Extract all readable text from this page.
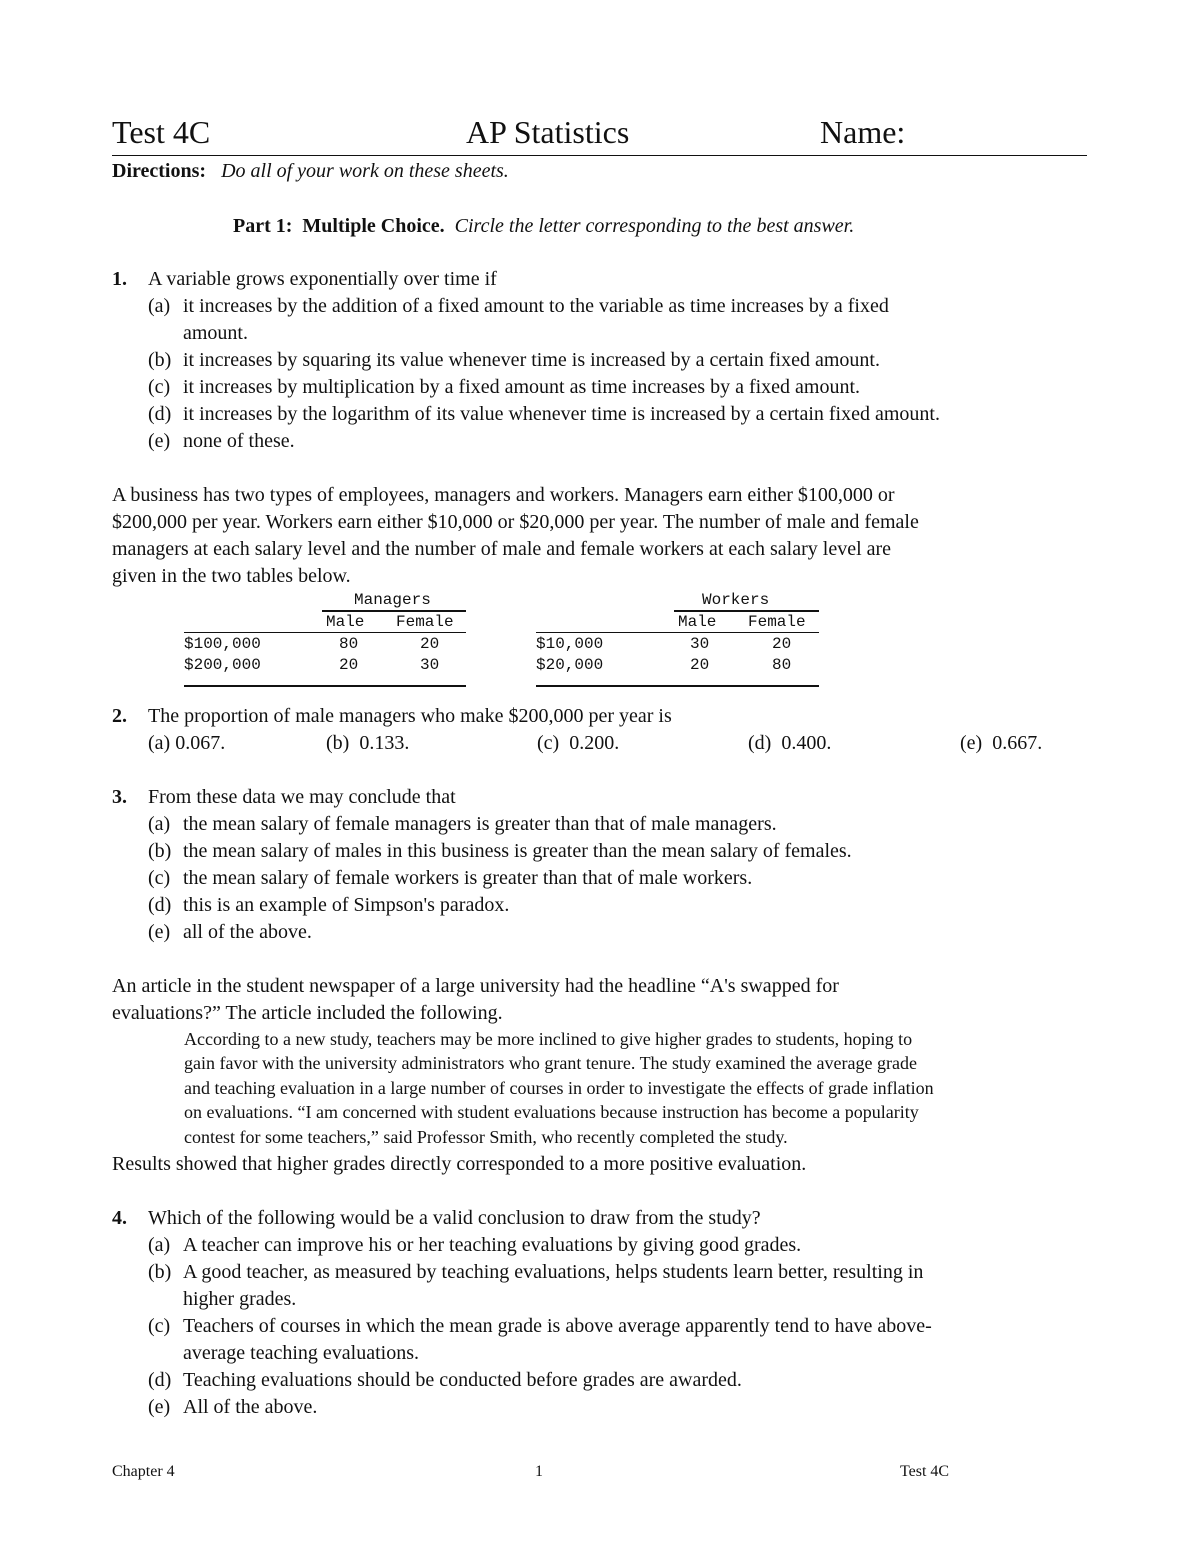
Test 4C	AP Statistics	Name:
Directions: Do all of your work on these sheets.
Part 1: Multiple Choice. Circle the letter corresponding to the best answer.
1. A variable grows exponentially over time if
(a) it increases by the addition of a fixed amount to the variable as time increases by a fixed
amount.
(b) it increases by squaring its value whenever time is increased by a certain fixed amount.
(c) it increases by multiplication by a fixed amount as time increases by a fixed amount.
(d) it increases by the logarithm of its value whenever time is increased by a certain fixed amount.
(e) none of these.
A business has two types of employees, managers and workers. Managers earn either $100,000 or
$200,000 per year. Workers earn either $10,000 or $20,000 per year. The number of male and female
managers at each salary level and the number of male and female workers at each salary level are
given in the two tables below.
Managers
Male Female
$100,000	80	20
$200,000	20	30
Workers
Male Female
$10,000	30	20
$20,000	20	80
2. The proportion of male managers who make $200,000 per year is
(a) 0.067.	(b) 0.133.	(c) 0.200.	(d) 0.400.	(e) 0.667.
3. From these data we may conclude that
(a) the mean salary of female managers is greater than that of male managers.
(b) the mean salary of males in this business is greater than the mean salary of females.
(c) the mean salary of female workers is greater than that of male workers.
(d) this is an example of Simpson's paradox.
(e) all of the above.
An article in the student newspaper of a large university had the headline “A's swapped for
evaluations?” The article included the following.
According to a new study, teachers may be more inclined to give higher grades to students, hoping to
gain favor with the university administrators who grant tenure. The study examined the average grade
and teaching evaluation in a large number of courses in order to investigate the effects of grade inflation
on evaluations. “I am concerned with student evaluations because instruction has become a popularity
contest for some teachers,” said Professor Smith, who recently completed the study.
Results showed that higher grades directly corresponded to a more positive evaluation.
4. Which of the following would be a valid conclusion to draw from the study?
(a) A teacher can improve his or her teaching evaluations by giving good grades.
(b) A good teacher, as measured by teaching evaluations, helps students learn better, resulting in
higher grades.
(c) Teachers of courses in which the mean grade is above average apparently tend to have above-
average teaching evaluations.
(d) Teaching evaluations should be conducted before grades are awarded.
(e) All of the above.
Chapter 4	1	Test 4C
